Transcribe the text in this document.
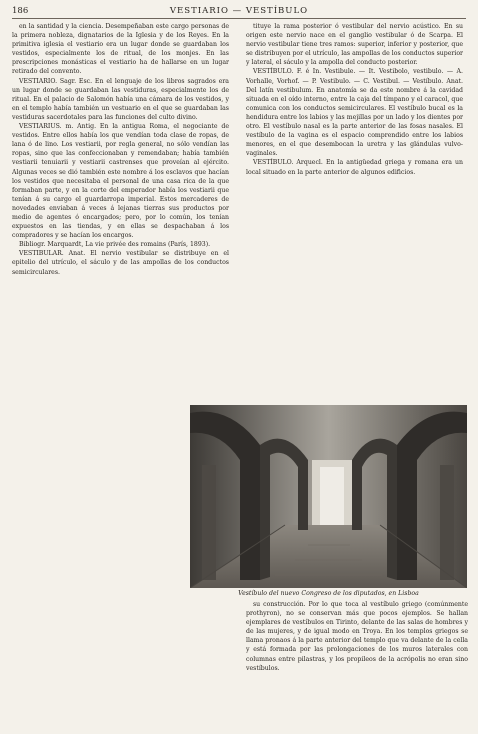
186	VESTIARIO — VESTÍBULO

en la santidad y la ciencia. Desempeñaban este cargo personas de la primera nobleza, dignatarios de la Iglesia y de los Reyes. En la primitiva iglesia el vestiario era un lugar donde se guardaban los vestidos, especialmente los de ritual, de los monjes. En las prescripciones monásticas el vestiario ha de hallarse en un lugar retirado del convento.

VESTIARIO. Sagr. Esc. En el lenguaje de los libros sagrados era un lugar donde se guardaban las vestiduras, especialmente los de ritual. En el palacio de Salomón había una cámara de los vestidos, y en el templo había también un vestuario en el que se guardaban las vestiduras sacerdotales para las funciones del culto divino.

VESTIARIUS. m. Antig. En la antigua Roma, el negociante de vestidos. Entre ellos había los que vendían toda clase de ropas, de lana ó de lino. Los vestiarii, por regla general, no sólo vendían las ropas, sino que las confeccionaban y remendaban; había también vestiarii tenuiarii y vestiarii castrenses que proveían al ejército. Algunas veces se dió también este nombre á los esclavos que hacían los vestidos que necesitaba el personal de una casa rica de la que formaban parte, y en la corte del emperador había los vestiarii que tenían á su cargo el guardarropa imperial. Estos mercaderes de novedades enviaban á veces á lejanas tierras sus productos por medio de agentes ó encargados; pero, por lo común, los tenían expuestos en las tiendas, y en ellas se despachaban á los compradores y se hacían los encargos.

Bibliogr. Marquardt, La vie privée des romains (París, 1893).

VESTIBULAR. Anat. El nervio vestibular se distribuye en el epitelio del utrículo, el sáculo y de las ampollas de los conductos semicirculares.

tituye la rama posterior ó vestibular del nervio acústico. En su origen este nervio nace en el ganglio vestibular ó de Scarpa. El nervio vestibular tiene tres ramos: superior, inferior y posterior, que se distribuyen por el utrículo, las ampollas de los conductos superior y lateral, el sáculo y la ampolla del conducto posterior.

VESTÍBULO. F. é In. Vestibule. — It. Vestibolo, vestibulo. — A. Vorhalle, Vorhof. — P. Vestibulo. — C. Vestibul. — Vestíbulo. Anat. Del latín vestibulum. En anatomía se da este nombre á la cavidad situada en el oído interno, entre la caja del tímpano y el caracol, que comunica con los conductos semicirculares. El vestíbulo bucal es la hendidura entre los labios y las mejillas por un lado y los dientes por otro. El vestíbulo nasal es la parte anterior de las fosas nasales. El vestíbulo de la vagina es el espacio comprendido entre los labios menores, en el que desembocan la uretra y las glándulas vulvo-vaginales.

VESTÍBULO. Arquecl. En la antigüedad griega y romana era un local situado en la parte anterior de algunos edificios.

Vestíbulo del nuevo Congreso de los diputados, en Lisboa

su construcción. Por lo que toca al vestíbulo griego (comúnmente prothyron), no se conservan más que pocos ejemplos. Se hallan ejemplares de vestíbulos en Tirinto, delante de las salas de hombres y de las mujeres, y de igual modo en Troya. En los templos griegos se llama pronaos á la parte anterior del templo que va delante de la cella y está formada por las prolongaciones de los muros laterales con columnas entre pilastras, y los propileos de la acrópolis no eran sino vestíbulos.
